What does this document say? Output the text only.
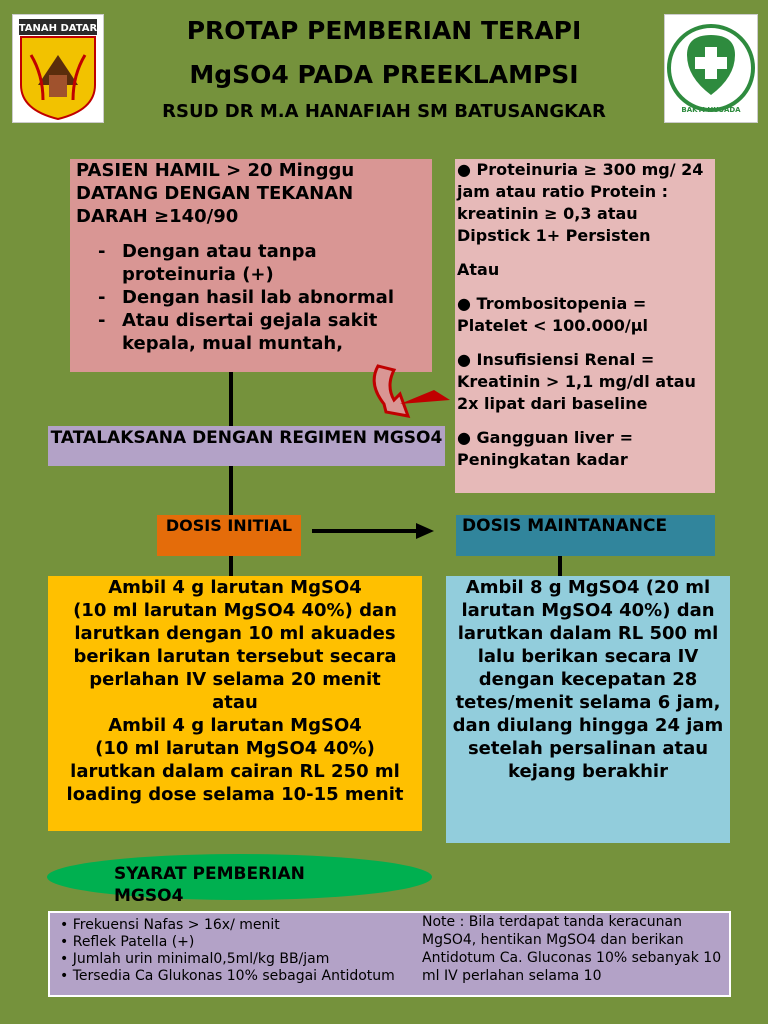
TANAH DATAR
BAKTI HUSADA
PROTAP PEMBERIAN TERAPI
MgSO4 PADA PREEKLAMPSI
RSUD DR M.A HANAFIAH SM BATUSANGKAR
PASIEN HAMIL > 20 Minggu DATANG DENGAN TEKANAN DARAH ≥140/90
- Dengan atau tanpa proteinuria (+)
- Dengan hasil lab abnormal
- Atau disertai gejala sakit kepala, mual muntah,

● Proteinuria ≥ 300 mg/ 24 jam atau ratio Protein : kreatinin ≥ 0,3 atau Dipstick 1+ Persisten

Atau

● Trombositopenia = Platelet < 100.000/µl

● Insufisiensi Renal = Kreatinin > 1,1 mg/dl atau 2x lipat dari baseline

● Gangguan liver = Peningkatan kadar

TATALAKSANA DENGAN REGIMEN MGSO4
DOSIS INITIAL	DOSIS MAINTANANCE
Ambil 4 g larutan MgSO4
(10 ml larutan MgSO4 40%) dan larutkan dengan 10 ml akuades berikan larutan tersebut secara perlahan IV selama 20 menit
atau
Ambil 4 g larutan MgSO4
(10 ml larutan MgSO4 40%) larutkan dalam cairan RL 250 ml loading dose selama 10-15 menit
Ambil 8 g MgSO4 (20 ml larutan MgSO4 40%) dan larutkan dalam RL 500 ml lalu berikan secara IV dengan kecepatan 28 tetes/menit selama 6 jam, dan diulang hingga 24 jam setelah persalinan atau kejang berakhir
SYARAT PEMBERIAN MGSO4
• Frekuensi Nafas > 16x/ menit
• Reflek Patella (+)
• Jumlah urin minimal0,5ml/kg BB/jam
• Tersedia Ca Glukonas 10% sebagai Antidotum
Note : Bila terdapat tanda keracunan MgSO4, hentikan MgSO4 dan berikan Antidotum Ca. Gluconas 10% sebanyak 10 ml IV perlahan selama 10
